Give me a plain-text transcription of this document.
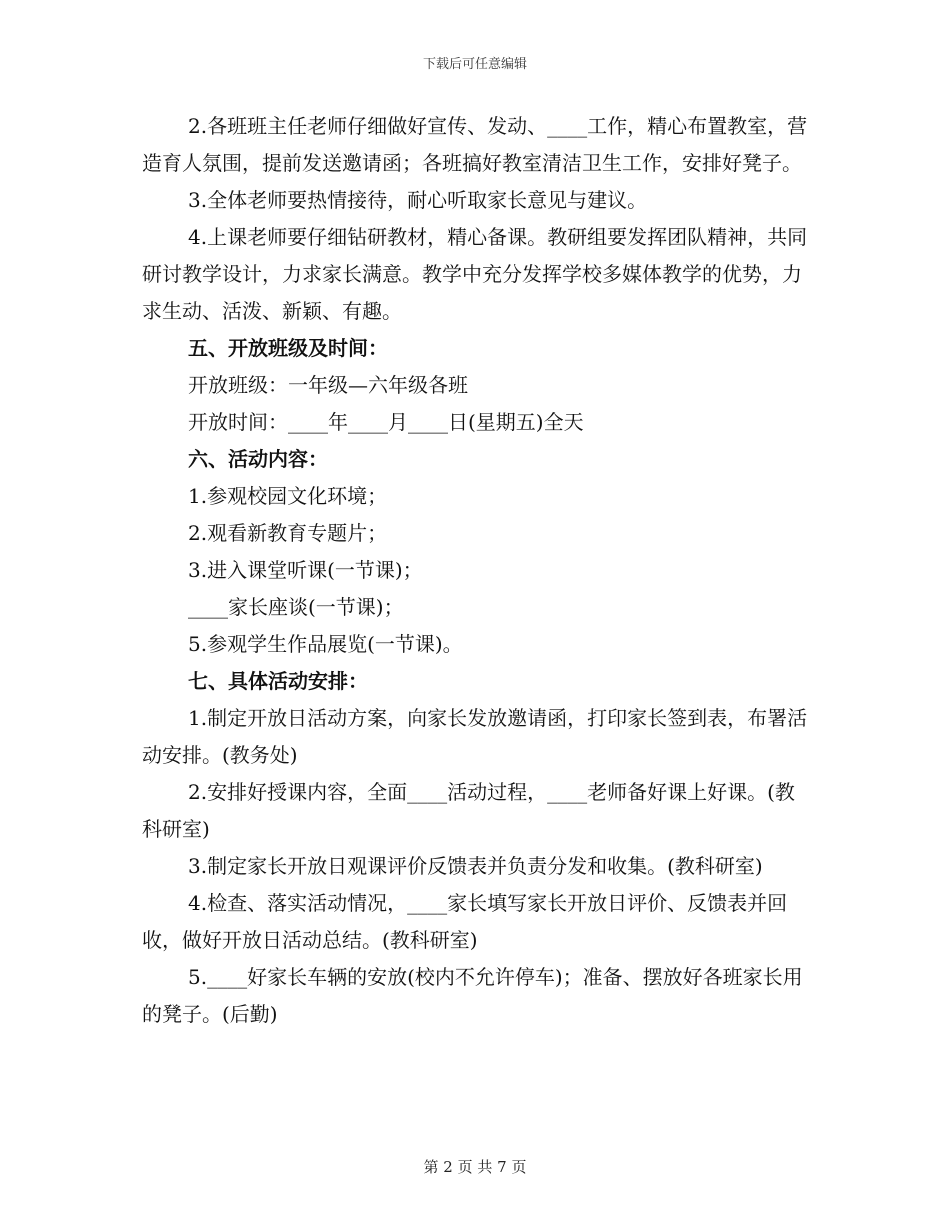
下载后可任意编辑

2.各班班主任老师仔细做好宣传、发动、____工作，精心布置教室，营造育人氛围，提前发送邀请函；各班搞好教室清洁卫生工作，安排好凳子。

3.全体老师要热情接待，耐心听取家长意见与建议。

4.上课老师要仔细钻研教材，精心备课。教研组要发挥团队精神，共同研讨教学设计，力求家长满意。教学中充分发挥学校多媒体教学的优势，力求生动、活泼、新颖、有趣。

五、开放班级及时间：

开放班级：一年级—六年级各班

开放时间：____年____月____日(星期五)全天

六、活动内容：

1.参观校园文化环境；

2.观看新教育专题片；

3.进入课堂听课(一节课)；

____家长座谈(一节课)；

5.参观学生作品展览(一节课)。

七、具体活动安排：

1.制定开放日活动方案，向家长发放邀请函，打印家长签到表，布署活动安排。(教务处)

2.安排好授课内容，全面____活动过程，____老师备好课上好课。(教科研室)

3.制定家长开放日观课评价反馈表并负责分发和收集。(教科研室)

4.检查、落实活动情况，____家长填写家长开放日评价、反馈表并回收，做好开放日活动总结。(教科研室)

5.____好家长车辆的安放(校内不允许停车)；准备、摆放好各班家长用的凳子。(后勤)

第 2 页 共 7 页
